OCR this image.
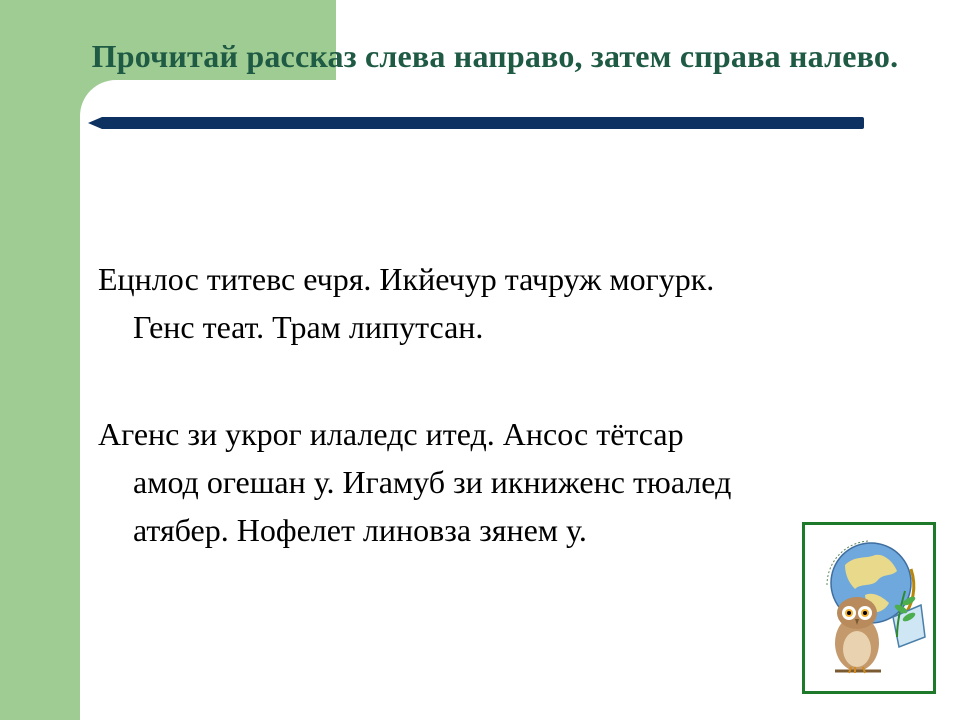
Прочитай рассказ слева направо, затем справа налево.
Ецнлос титевс ечря. Икйечур тачруж могурк.
Генс теат. Трам липутсан.
Агенс зи укрог илаледс итед. Ансос тётсар
амод огешан у. Игамуб зи икниженс тюалед
атябер. Нофелет линовза зянем у.
